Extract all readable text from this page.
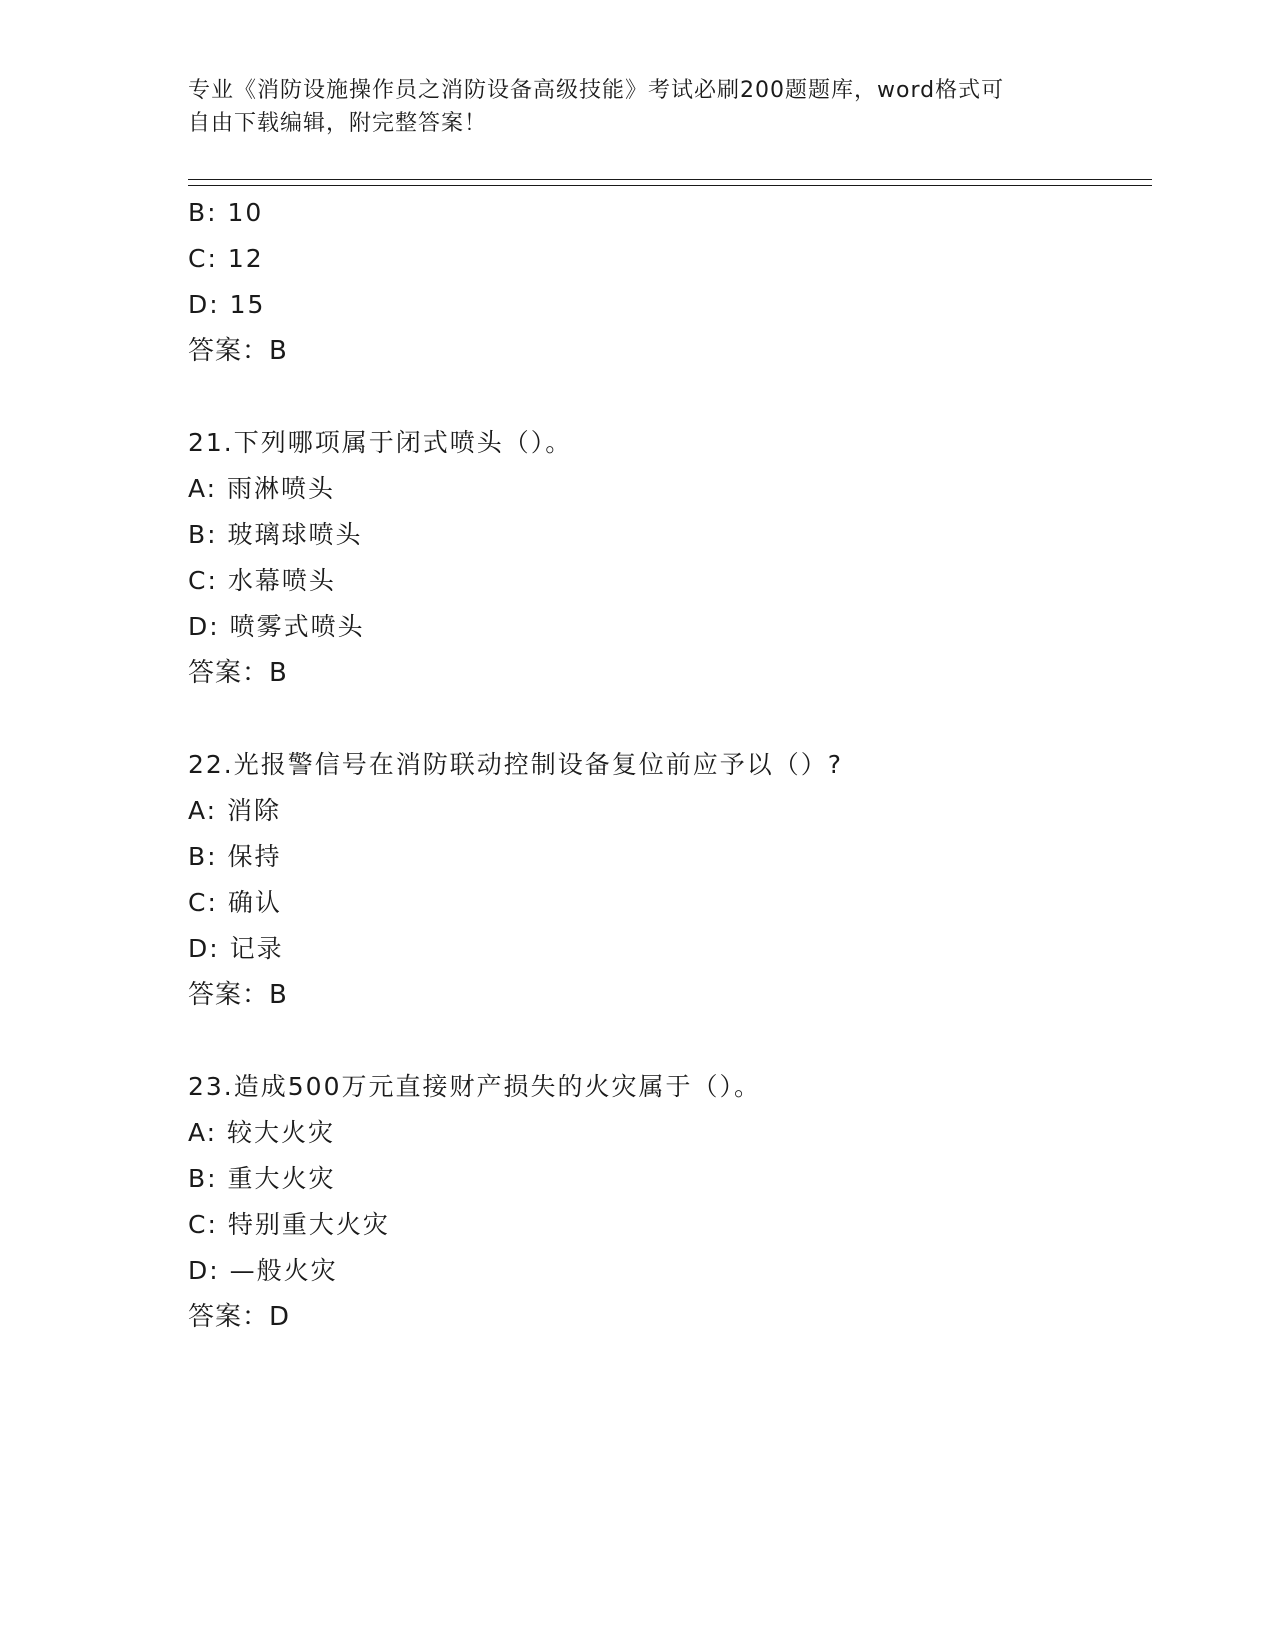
专业《消防设施操作员之消防设备高级技能》考试必刷200题题库，word格式可
自由下载编辑，附完整答案！
B: 10
C: 12
D: 15
答案：B
21.下列哪项属于闭式喷头（）。
A: 雨淋喷头
B: 玻璃球喷头
C: 水幕喷头
D: 喷雾式喷头
答案：B
22.光报警信号在消防联动控制设备复位前应予以（）?
A: 消除
B: 保持
C: 确认
D: 记录
答案：B
23.造成500万元直接财产损失的火灾属于（）。
A: 较大火灾
B: 重大火灾
C: 特别重大火灾
D: —般火灾
答案：D
